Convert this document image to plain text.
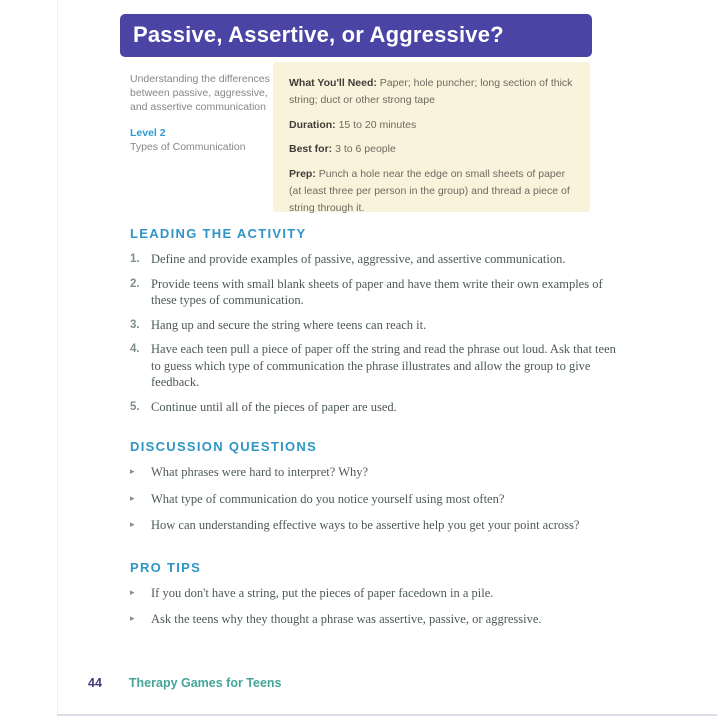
Passive, Assertive, or Aggressive?

Understanding the differences between passive, aggressive, and assertive communication

Level 2

Types of Communication

What You'll Need: Paper; hole puncher; long section of thick string; duct or other strong tape

Duration: 15 to 20 minutes

Best for: 3 to 6 people

Prep: Punch a hole near the edge on small sheets of paper (at least three per person in the group) and thread a piece of string through it.

LEADING THE ACTIVITY
1. Define and provide examples of passive, aggressive, and assertive communication.
2. Provide teens with small blank sheets of paper and have them write their own examples of these types of communication.
3. Hang up and secure the string where teens can reach it.
4. Have each teen pull a piece of paper off the string and read the phrase out loud. Ask that teen to guess which type of communication the phrase illustrates and allow the group to give feedback.
5. Continue until all of the pieces of paper are used.
DISCUSSION QUESTIONS
▸	What phrases were hard to interpret? Why?
▸	What type of communication do you notice yourself using most often?
▸	How can understanding effective ways to be assertive help you get your point across?
PRO TIPS
▸	If you don't have a string, put the pieces of paper facedown in a pile.
▸	Ask the teens why they thought a phrase was assertive, passive, or aggressive.
44 Therapy Games for Teens
